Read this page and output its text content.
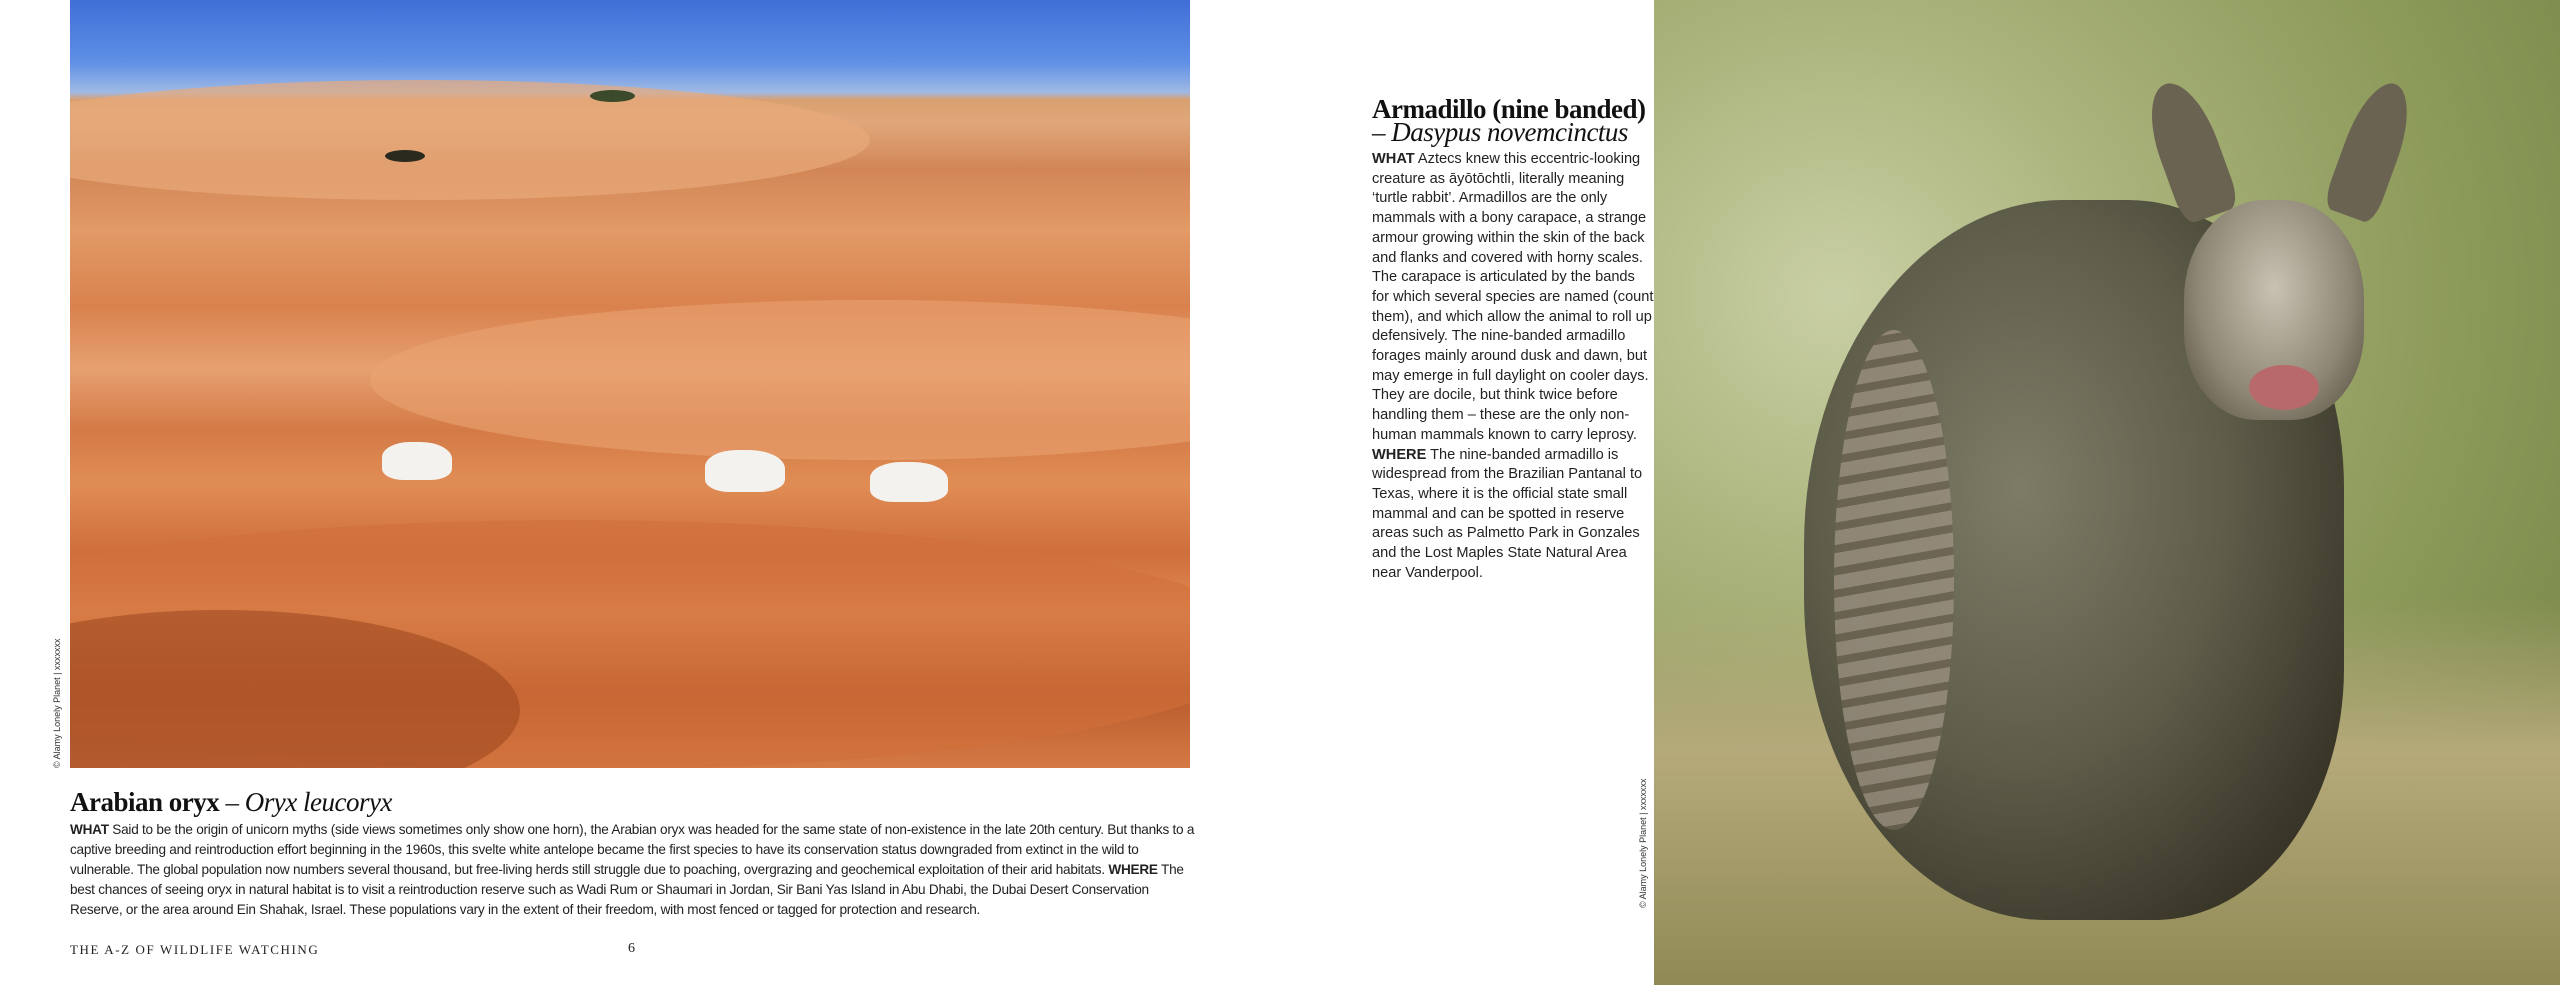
© Alamy Lonely Planet | xxxxxxx
Arabian oryx – Oryx leucoryx

WHAT Said to be the origin of unicorn myths (side views sometimes only show one horn), the Arabian oryx was headed for the same state of non-existence in the late 20th century. But thanks to a captive breeding and reintroduction effort beginning in the 1960s, this svelte white antelope became the first species to have its conservation status downgraded from extinct in the wild to vulnerable. The global population now numbers several thousand, but free-living herds still struggle due to poaching, overgrazing and geochemical exploitation of their arid habitats. WHERE The best chances of seeing oryx in natural habitat is to visit a reintroduction reserve such as Wadi Rum or Shaumari in Jordan, Sir Bani Yas Island in Abu Dhabi, the Dubai Desert Conservation Reserve, or the area around Ein Shahak, Israel. These populations vary in the extent of their freedom, with most fenced or tagged for protection and research.

THE A-Z OF WILDLIFE WATCHING	6
Armadillo (nine banded)
– Dasypus novemcinctus

WHAT Aztecs knew this eccentric-looking creature as āyōtōchtli, literally meaning ‘turtle rabbit’. Armadillos are the only mammals with a bony carapace, a strange armour growing within the skin of the back and flanks and covered with horny scales. The carapace is articulated by the bands for which several species are named (count them), and which allow the animal to roll up defensively. The nine-banded armadillo forages mainly around dusk and dawn, but may emerge in full daylight on cooler days. They are docile, but think twice before handling them – these are the only non-human mammals known to carry leprosy. WHERE The nine-banded armadillo is widespread from the Brazilian Pantanal to Texas, where it is the official state small mammal and can be spotted in reserve areas such as Palmetto Park in Gonzales and the Lost Maples State Natural Area near Vanderpool.

© Alamy Lonely Planet | xxxxxxx
